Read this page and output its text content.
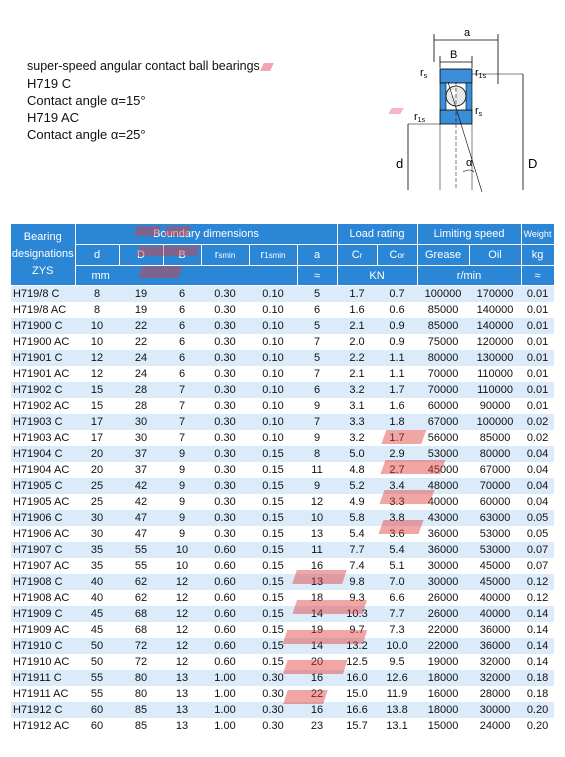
super-speed angular contact ball bearings
H719 C
Contact angle α=15°
H719 AC
Contact angle α=25°
a
B
α
d	D
rs	r1s
r1s
rs
Bearing
designations
ZYS	Boundary dimensions						Load rating		Limiting speed		Weight
	d	D	B	rsmin	r1smin	a	Cr	Cor	Grease	Oil	kg
	mm					≈	KN		r/min		≈
H719/8 C	8	19	6	0.30	0.10	5	1.7	0.7	100000	170000	0.01
H719/8 AC	8	19	6	0.30	0.10	6	1.6	0.6	85000	140000	0.01
H71900 C	10	22	6	0.30	0.10	5	2.1	0.9	85000	140000	0.01
H71900 AC	10	22	6	0.30	0.10	7	2.0	0.9	75000	120000	0.01
H71901 C	12	24	6	0.30	0.10	5	2.2	1.1	80000	130000	0.01
H71901 AC	12	24	6	0.30	0.10	7	2.1	1.1	70000	110000	0.01
H71902 C	15	28	7	0.30	0.10	6	3.2	1.7	70000	110000	0.01
H71902 AC	15	28	7	0.30	0.10	9	3.1	1.6	60000	90000	0.01
H71903 C	17	30	7	0.30	0.10	7	3.3	1.8	67000	100000	0.02
H71903 AC	17	30	7	0.30	0.10	9	3.2	1.7	56000	85000	0.02
H71904 C	20	37	9	0.30	0.15	8	5.0	2.9	53000	80000	0.04
H71904 AC	20	37	9	0.30	0.15	11	4.8	2.7	45000	67000	0.04
H71905 C	25	42	9	0.30	0.15	9	5.2	3.4	48000	70000	0.04
H71905 AC	25	42	9	0.30	0.15	12	4.9	3.3	40000	60000	0.04
H71906 C	30	47	9	0.30	0.15	10	5.8	3.8	43000	63000	0.05
H71906 AC	30	47	9	0.30	0.15	13	5.4	3.6	36000	53000	0.05
H71907 C	35	55	10	0.60	0.15	11	7.7	5.4	36000	53000	0.07
H71907 AC	35	55	10	0.60	0.15	16	7.4	5.1	30000	45000	0.07
H71908 C	40	62	12	0.60	0.15	13	9.8	7.0	30000	45000	0.12
H71908 AC	40	62	12	0.60	0.15	18	9.3	6.6	26000	40000	0.12
H71909 C	45	68	12	0.60	0.15	14	10.3	7.7	26000	40000	0.14
H71909 AC	45	68	12	0.60	0.15	19	9.7	7.3	22000	36000	0.14
H71910 C	50	72	12	0.60	0.15	14	13.2	10.0	22000	36000	0.14
H71910 AC	50	72	12	0.60	0.15	20	12.5	9.5	19000	32000	0.14
H71911 C	55	80	13	1.00	0.30	16	16.0	12.6	18000	32000	0.18
H71911 AC	55	80	13	1.00	0.30	22	15.0	11.9	16000	28000	0.18
H71912 C	60	85	13	1.00	0.30	16	16.6	13.8	18000	30000	0.20
H71912 AC	60	85	13	1.00	0.30	23	15.7	13.1	15000	24000	0.20
